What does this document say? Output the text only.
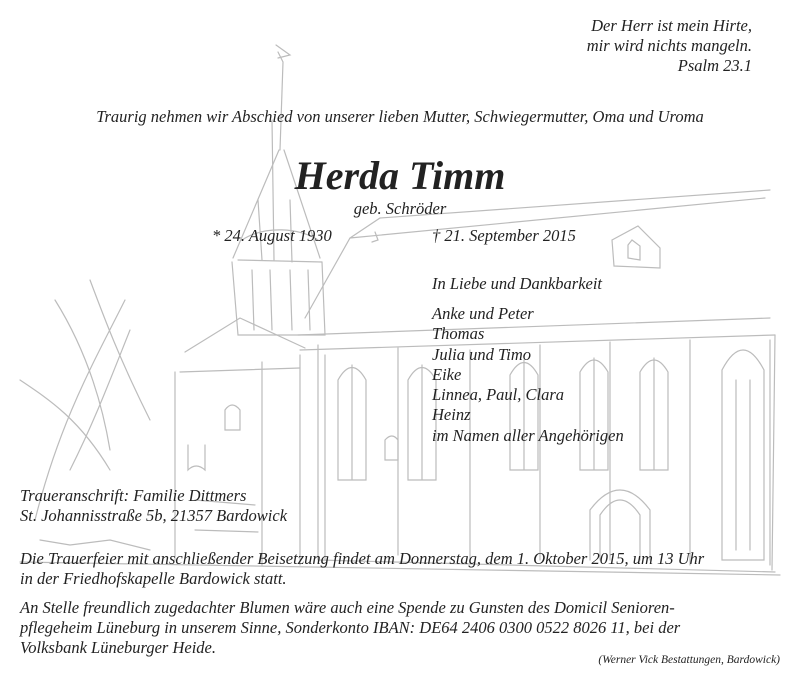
Der Herr ist mein Hirte,
mir wird nichts mangeln.
Psalm 23.1

Traurig nehmen wir Abschied von unserer lieben Mutter, Schwiegermutter, Oma und Uroma

Herda Timm

geb. Schröder

* 24. August 1930	† 21. September 2015

In Liebe und Dankbarkeit

Anke und Peter
Thomas
Julia und Timo
Eike
Linnea, Paul, Clara
Heinz
im Namen aller Angehörigen
Traueranschrift: Familie Dittmers
St. Johannisstraße 5b, 21357 Bardowick
Die Trauerfeier mit anschließender Beisetzung findet am Donnerstag, dem 1. Oktober 2015, um 13 Uhr
in der Friedhofskapelle Bardowick statt.
An Stelle freundlich zugedachter Blumen wäre auch eine Spende zu Gunsten des Domicil Senioren-
pflegeheim Lüneburg in unserem Sinne, Sonderkonto IBAN: DE64 2406 0300 0522 8026 11, bei der
Volksbank Lüneburger Heide.

(Werner Vick Bestattungen, Bardowick)
